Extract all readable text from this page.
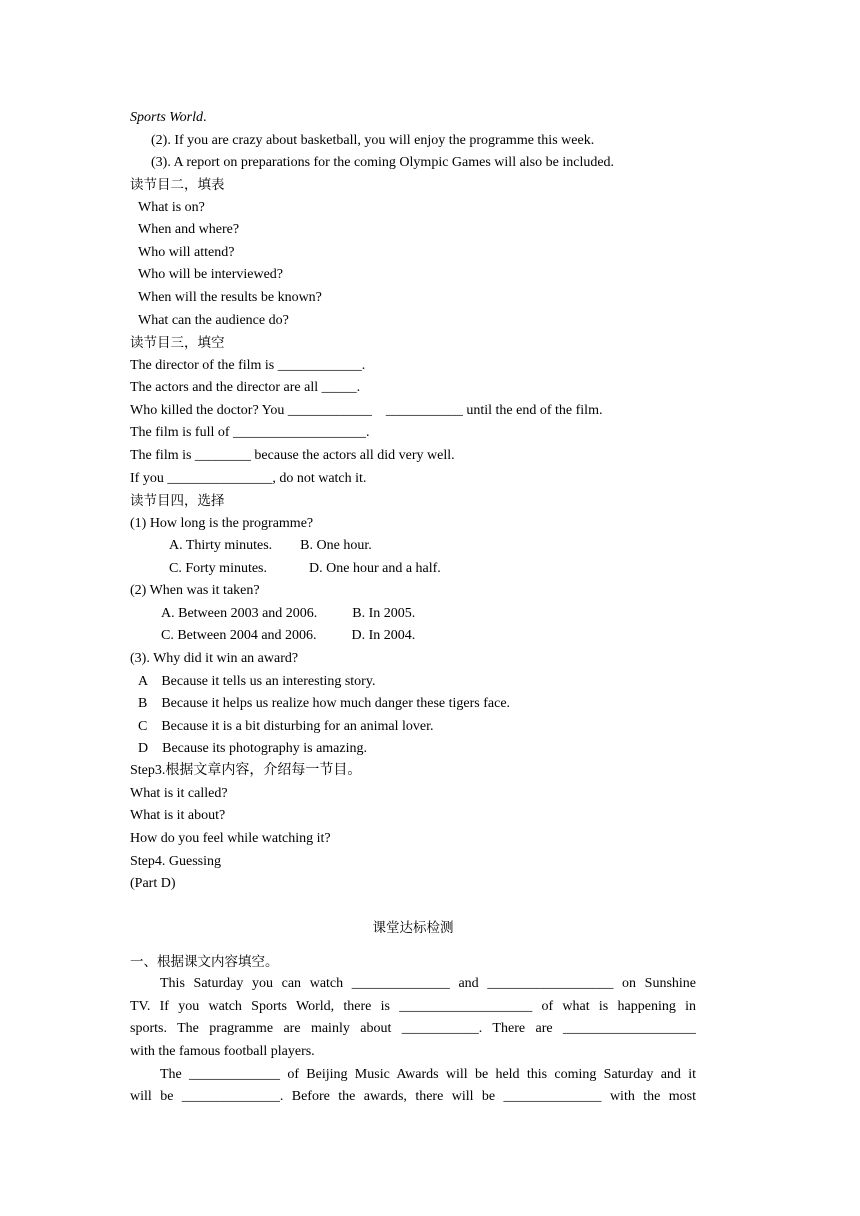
Sports World.
(2). If you are crazy about basketball, you will enjoy the programme this week.
(3). A report on preparations for the coming Olympic Games will also be included.
读节目二，填表
What is on?
When and where?
Who will attend?
Who will be interviewed?
When will the results be known?
What can the audience do?
读节目三，填空
The director of the film is ____________.
The actors and the director are all _____.
Who killed the doctor? You ____________    ___________ until the end of the film.
The film is full of ___________________.
The film is ________ because the actors all did very well.
If you _______________, do not watch it.
读节目四，选择
(1) How long is the programme?
A. Thirty minutes.        B. One hour.
C. Forty minutes.            D. One hour and a half.
(2) When was it taken?
A. Between 2003 and 2006.          B. In 2005.
C. Between 2004 and 2006.          D. In 2004.
(3). Why did it win an award?
A    Because it tells us an interesting story.
B    Because it helps us realize how much danger these tigers face.
C    Because it is a bit disturbing for an animal lover.
D    Because its photography is amazing.
Step3.根据文章内容，介绍每一节目。
What is it called?
What is it about?
How do you feel while watching it?
Step4. Guessing
(Part D)
课堂达标检测
一、根据课文内容填空。
This Saturday you can watch ______________ and __________________ on Sunshine
TV. If you watch Sports World, there is ___________________ of what is happening in
sports. The pragramme are mainly about ___________. There are ___________________
with the famous football players.
The _____________ of Beijing Music Awards will be held this coming Saturday and it
will be ______________. Before the awards, there will be ______________ with the most
